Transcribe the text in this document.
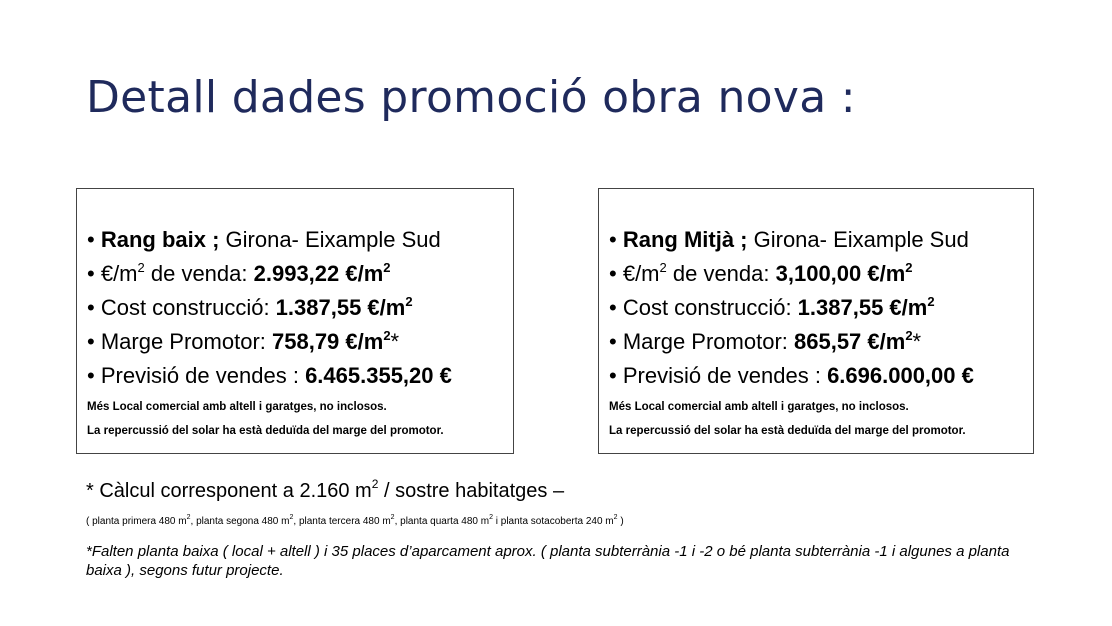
Detall dades promoció obra nova :
• Rang baix ; Girona- Eixample Sud
• $€/m^2$ de venda: 2.993,22 $€/m^2$
• Cost construcció: 1.387,55 $€/m^2$
• Marge Promotor: 758,79 $€/m^2*$
• Previsió de vendes : 6.465.355,20 €
Més Local comercial amb altell i garatges, no inclosos.
La repercussió del solar ha està deduïda del marge del promotor.
• Rang Mitjà ; Girona- Eixample Sud
• $€/m^2$ de venda: 3,100,00 $€/m^2$
• Cost construcció: 1.387,55 $€/m^2$
• Marge Promotor: 865,57 $€/m^2*$
• Previsió de vendes : 6.696.000,00 €
Més Local comercial amb altell i garatges, no inclosos.
La repercussió del solar ha està deduïda del marge del promotor.
* Càlcul corresponent a 2.160 $m^2$ / sostre habitatges –
( planta primera 480 $m^2$, planta segona 480 $m^2$, planta tercera 480 $m^2$, planta quarta 480 $m^2$ i planta sotacoberta 240 $m^2$ )
*Falten planta baixa ( local + altell ) i 35 places d’aparcament aprox. ( planta subterrània -1 i -2 o bé planta subterrània -1 i algunes a planta baixa ), segons futur projecte.
